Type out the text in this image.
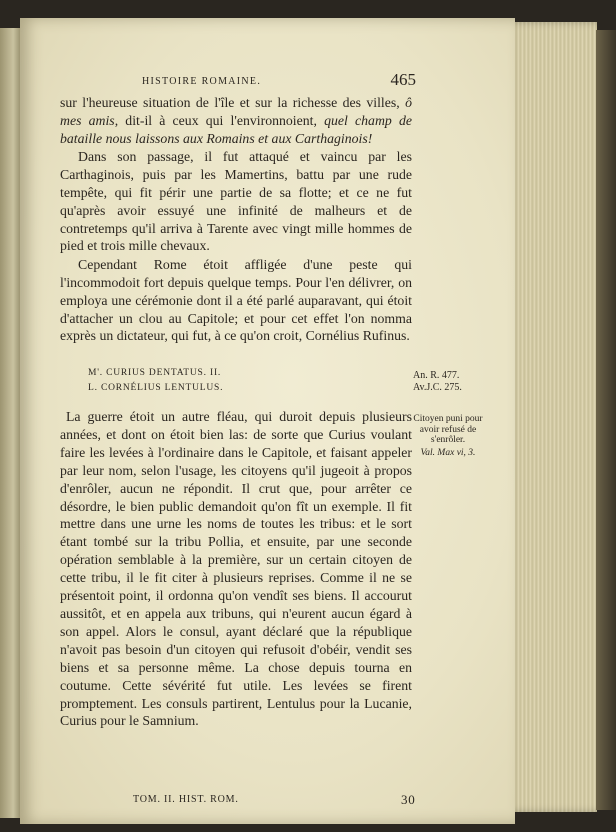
HISTOIRE ROMAINE.	465

sur l'heureuse situation de l'île et sur la richesse des villes, ô mes amis, dit-il à ceux qui l'environnoient, quel champ de bataille nous laissons aux Romains et aux Carthaginois!

Dans son passage, il fut attaqué et vaincu par les Carthaginois, puis par les Mamertins, battu par une rude tempête, qui fit périr une partie de sa flotte; et ce ne fut qu'après avoir essuyé une infinité de malheurs et de contretemps qu'il arriva à Tarente avec vingt mille hommes de pied et trois mille chevaux.

Cependant Rome étoit affligée d'une peste qui l'incommodoit fort depuis quelque temps. Pour l'en délivrer, on employa une cérémonie dont il a été parlé auparavant, qui étoit d'attacher un clou au Capitole; et pour cet effet l'on nomma exprès un dictateur, qui fut, à ce qu'on croit, Cornélius Rufinus.

M'. CURIUS DENTATUS. II.
L. CORNÉLIUS LENTULUS.

La guerre étoit un autre fléau, qui duroit depuis plusieurs années, et dont on étoit bien las: de sorte que Curius voulant faire les levées à l'ordinaire dans le Capitole, et faisant appeler par leur nom, selon l'usage, les citoyens qu'il jugeoit à propos d'enrôler, aucun ne répondit. Il crut que, pour arrêter ce désordre, le bien public demandoit qu'on fît un exemple. Il fit mettre dans une urne les noms de toutes les tribus: et le sort étant tombé sur la tribu Pollia, et ensuite, par une seconde opération semblable à la première, sur un certain citoyen de cette tribu, il le fit citer à plusieurs reprises. Comme il ne se présentoit point, il ordonna qu'on vendît ses biens. Il accourut aussitôt, et en appela aux tribuns, qui n'eurent aucun égard à son appel. Alors le consul, ayant déclaré que la république n'avoit pas besoin d'un citoyen qui refusoit d'obéir, vendit ses biens et sa personne même. La chose depuis tourna en coutume. Cette sévérité fut utile. Les levées se firent promptement. Les consuls partirent, Lentulus pour la Lucanie, Curius pour le Samnium.

TOM. II. HIST. ROM.	30
An. R. 477.
Av.J.C. 275.
Citoyen puni pour avoir refusé de s'enrôler.
Val. Max vi, 3.
